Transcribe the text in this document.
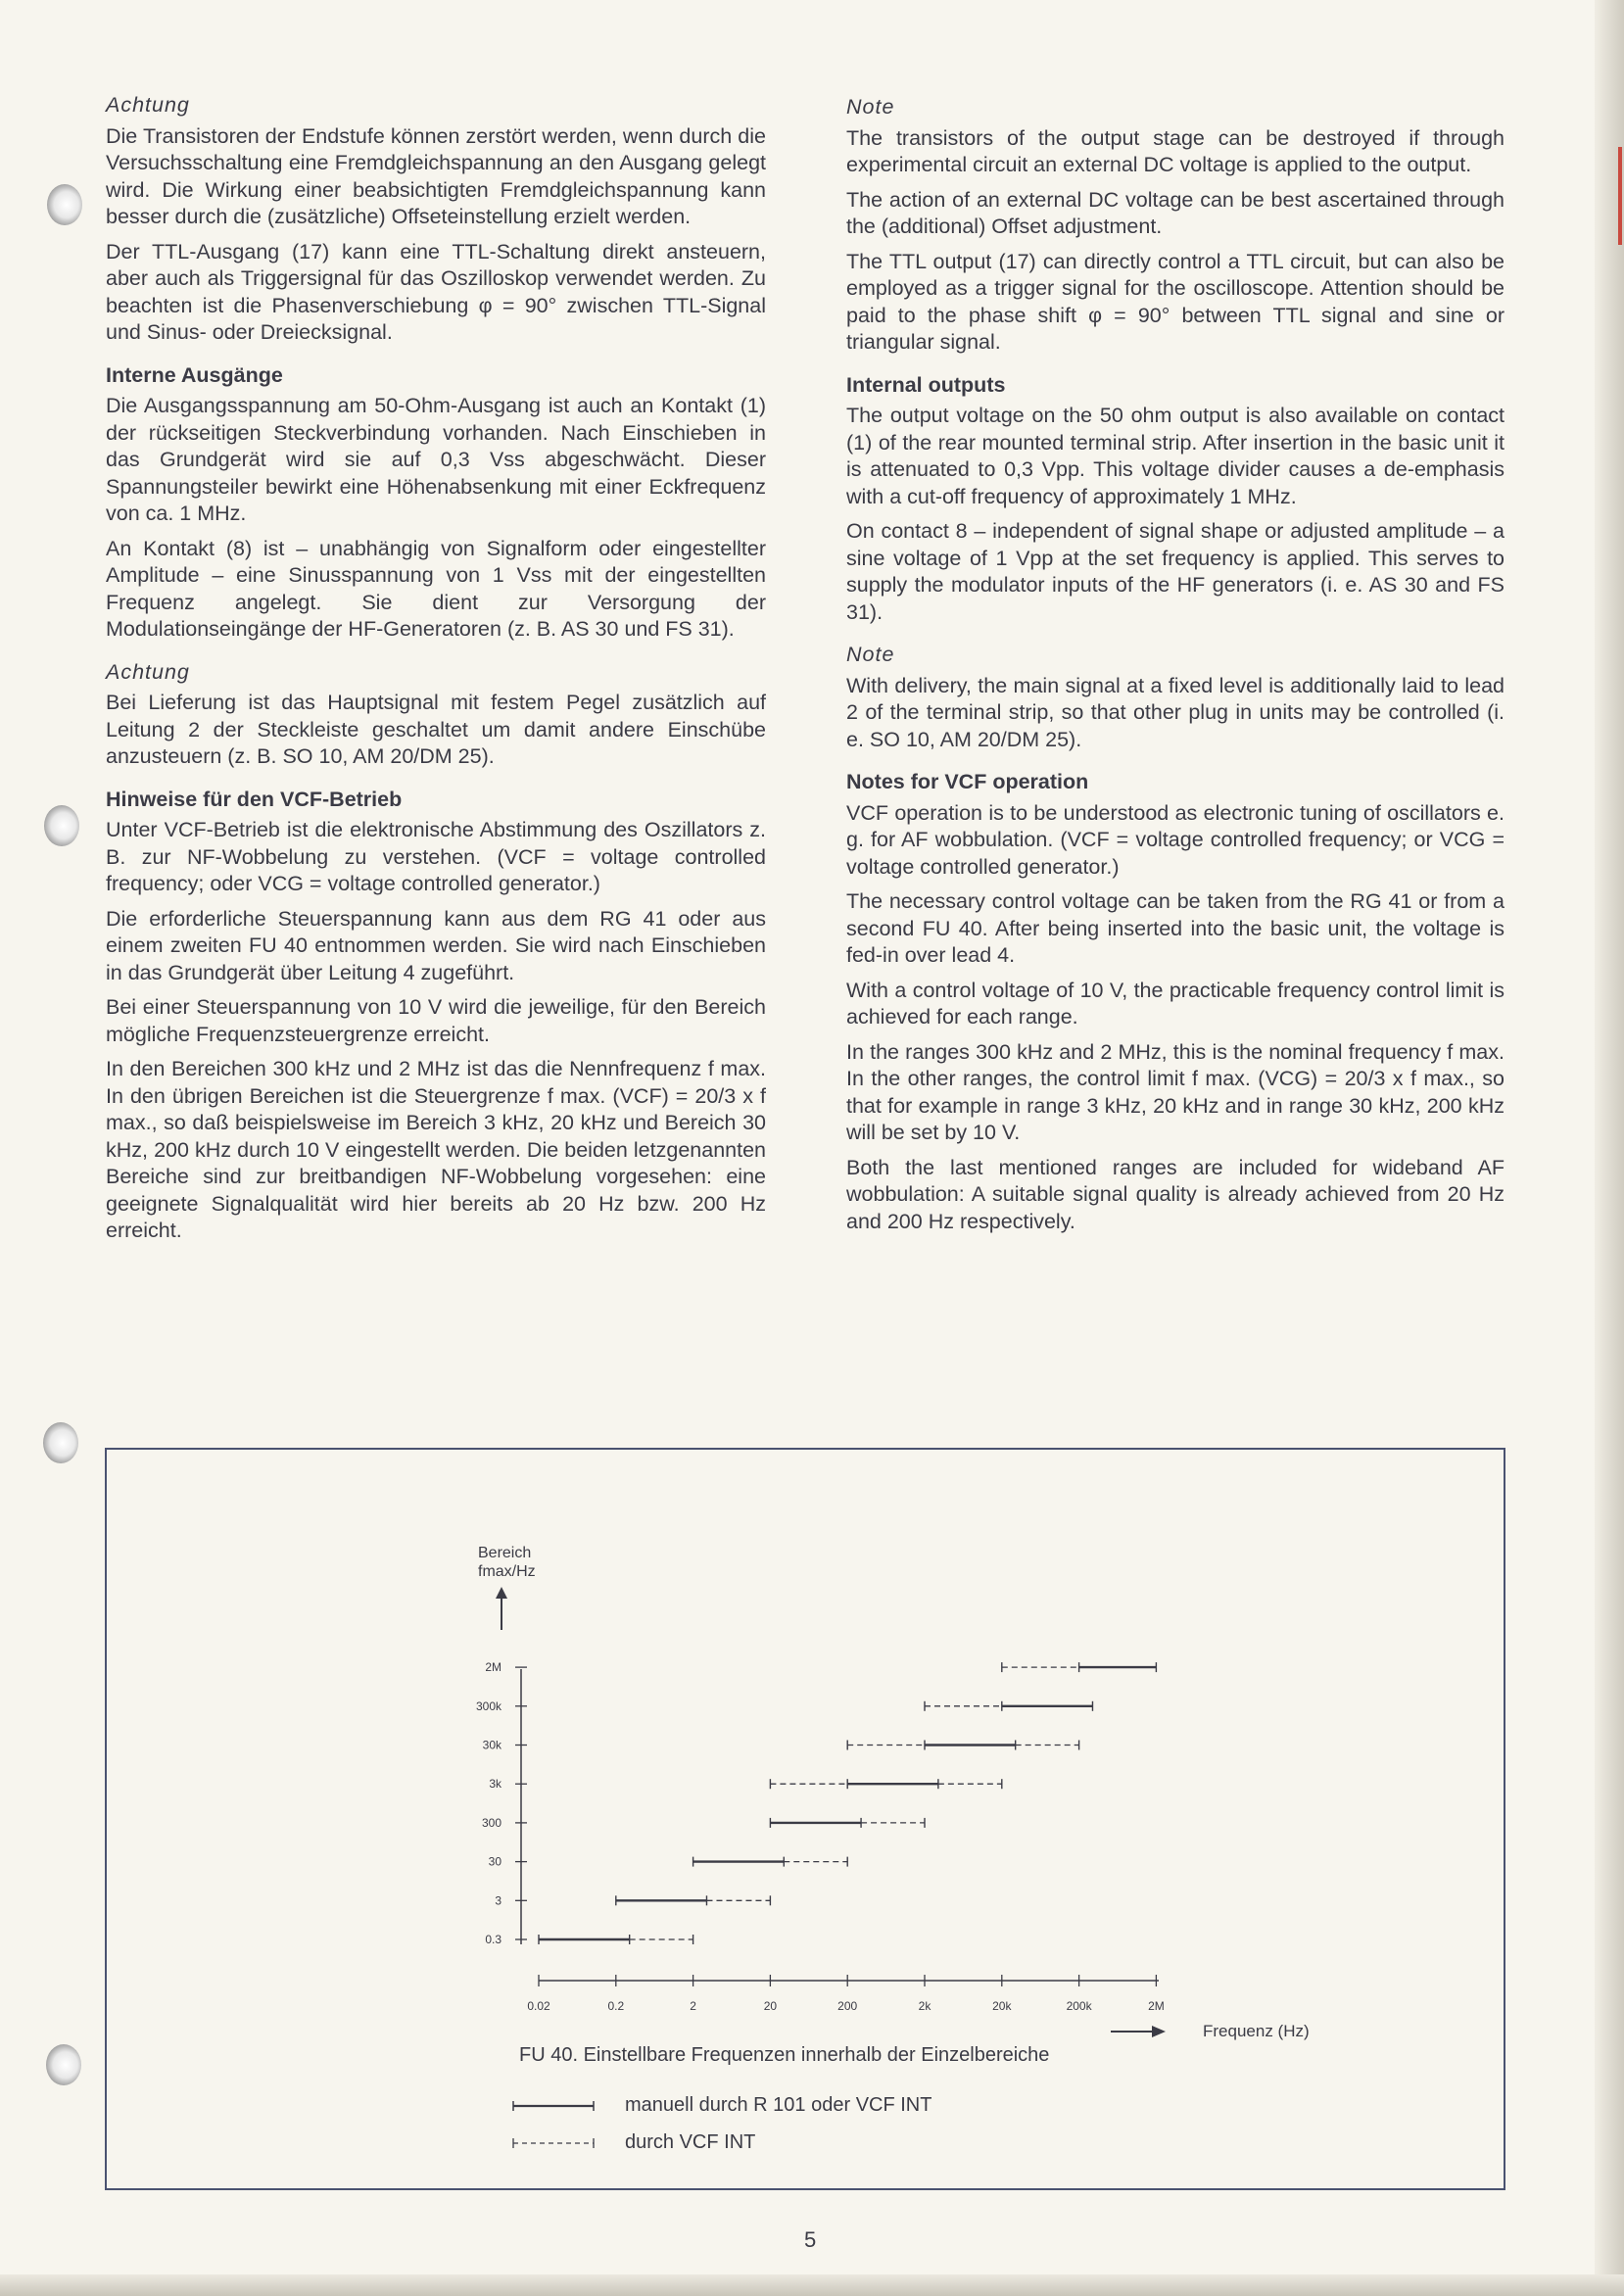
Achtung

Die Transistoren der Endstufe können zerstört werden, wenn durch die Versuchsschaltung eine Fremdgleichspannung an den Ausgang gelegt wird. Die Wirkung einer beabsichtigten Fremdgleichspannung kann besser durch die (zusätzliche) Offseteinstellung erzielt werden.

Der TTL-Ausgang (17) kann eine TTL-Schaltung direkt ansteuern, aber auch als Triggersignal für das Oszilloskop verwendet werden. Zu beachten ist die Phasenverschiebung φ = 90° zwischen TTL-Signal und Sinus- oder Dreiecksignal.

Interne Ausgänge

Die Ausgangsspannung am 50-Ohm-Ausgang ist auch an Kontakt (1) der rückseitigen Steckverbindung vorhanden. Nach Einschieben in das Grundgerät wird sie auf 0,3 Vss abgeschwächt. Dieser Spannungsteiler bewirkt eine Höhenabsenkung mit einer Eckfrequenz von ca. 1 MHz.

An Kontakt (8) ist – unabhängig von Signalform oder eingestellter Amplitude – eine Sinusspannung von 1 Vss mit der eingestellten Frequenz angelegt. Sie dient zur Versorgung der Modulationseingänge der HF-Generatoren (z. B. AS 30 und FS 31).

Achtung

Bei Lieferung ist das Hauptsignal mit festem Pegel zusätzlich auf Leitung 2 der Steckleiste geschaltet um damit andere Einschübe anzusteuern (z. B. SO 10, AM 20/DM 25).

Hinweise für den VCF-Betrieb

Unter VCF-Betrieb ist die elektronische Abstimmung des Oszillators z. B. zur NF-Wobbelung zu verstehen. (VCF = voltage controlled frequency; oder VCG = voltage controlled generator.)

Die erforderliche Steuerspannung kann aus dem RG 41 oder aus einem zweiten FU 40 entnommen werden. Sie wird nach Einschieben in das Grundgerät über Leitung 4 zugeführt.

Bei einer Steuerspannung von 10 V wird die jeweilige, für den Bereich mögliche Frequenzsteuergrenze erreicht.

In den Bereichen 300 kHz und 2 MHz ist das die Nennfrequenz f max. In den übrigen Bereichen ist die Steuergrenze f max. (VCF) = 20/3 x f max., so daß beispielsweise im Bereich 3 kHz, 20 kHz und Bereich 30 kHz, 200 kHz durch 10 V eingestellt werden. Die beiden letzgenannten Bereiche sind zur breitbandigen NF-Wobbelung vorgesehen: eine geeignete Signalqualität wird hier bereits ab 20 Hz bzw. 200 Hz erreicht.

Note

The transistors of the output stage can be destroyed if through experimental circuit an external DC voltage is applied to the output.

The action of an external DC voltage can be best ascertained through the (additional) Offset adjustment.

The TTL output (17) can directly control a TTL circuit, but can also be employed as a trigger signal for the oscilloscope. Attention should be paid to the phase shift φ = 90° between TTL signal and sine or triangular signal.

Internal outputs

The output voltage on the 50 ohm output is also available on contact (1) of the rear mounted terminal strip. After insertion in the basic unit it is attenuated to 0,3 Vpp. This voltage divider causes a de-emphasis with a cut-off frequency of approximately 1 MHz.

On contact 8 – independent of signal shape or adjusted amplitude – a sine voltage of 1 Vpp at the set frequency is applied. This serves to supply the modulator inputs of the HF generators (i. e. AS 30 and FS 31).

Note

With delivery, the main signal at a fixed level is additionally laid to lead 2 of the terminal strip, so that other plug in units may be controlled (i. e. SO 10, AM 20/DM 25).

Notes for VCF operation

VCF operation is to be understood as electronic tuning of oscillators e. g. for AF wobbulation. (VCF = voltage controlled frequency; or VCG = voltage controlled generator.)

The necessary control voltage can be taken from the RG 41 or from a second FU 40. After being inserted into the basic unit, the voltage is fed-in over lead 4.

With a control voltage of 10 V, the practicable frequency control limit is achieved for each range.

In the ranges 300 kHz and 2 MHz, this is the nominal frequency f max. In the other ranges, the control limit f max. (VCG) = 20/3 x f max., so that for example in range 3 kHz, 20 kHz and in range 30 kHz, 200 kHz will be set by 10 V.

Both the last mentioned ranges are included for wideband AF wobbulation: A suitable signal quality is already achieved from 20 Hz and 200 Hz respectively.

Bereich
fmax/Hz
Frequenz (Hz)
0.02	0.2	2	20	200	2k	20k	200k	2M
0.3
3
30
300
3k
30k
300k
2M
FU 40. Einstellbare Frequenzen innerhalb der Einzelbereiche
manuell durch R 101 oder VCF INT
durch VCF INT
5
